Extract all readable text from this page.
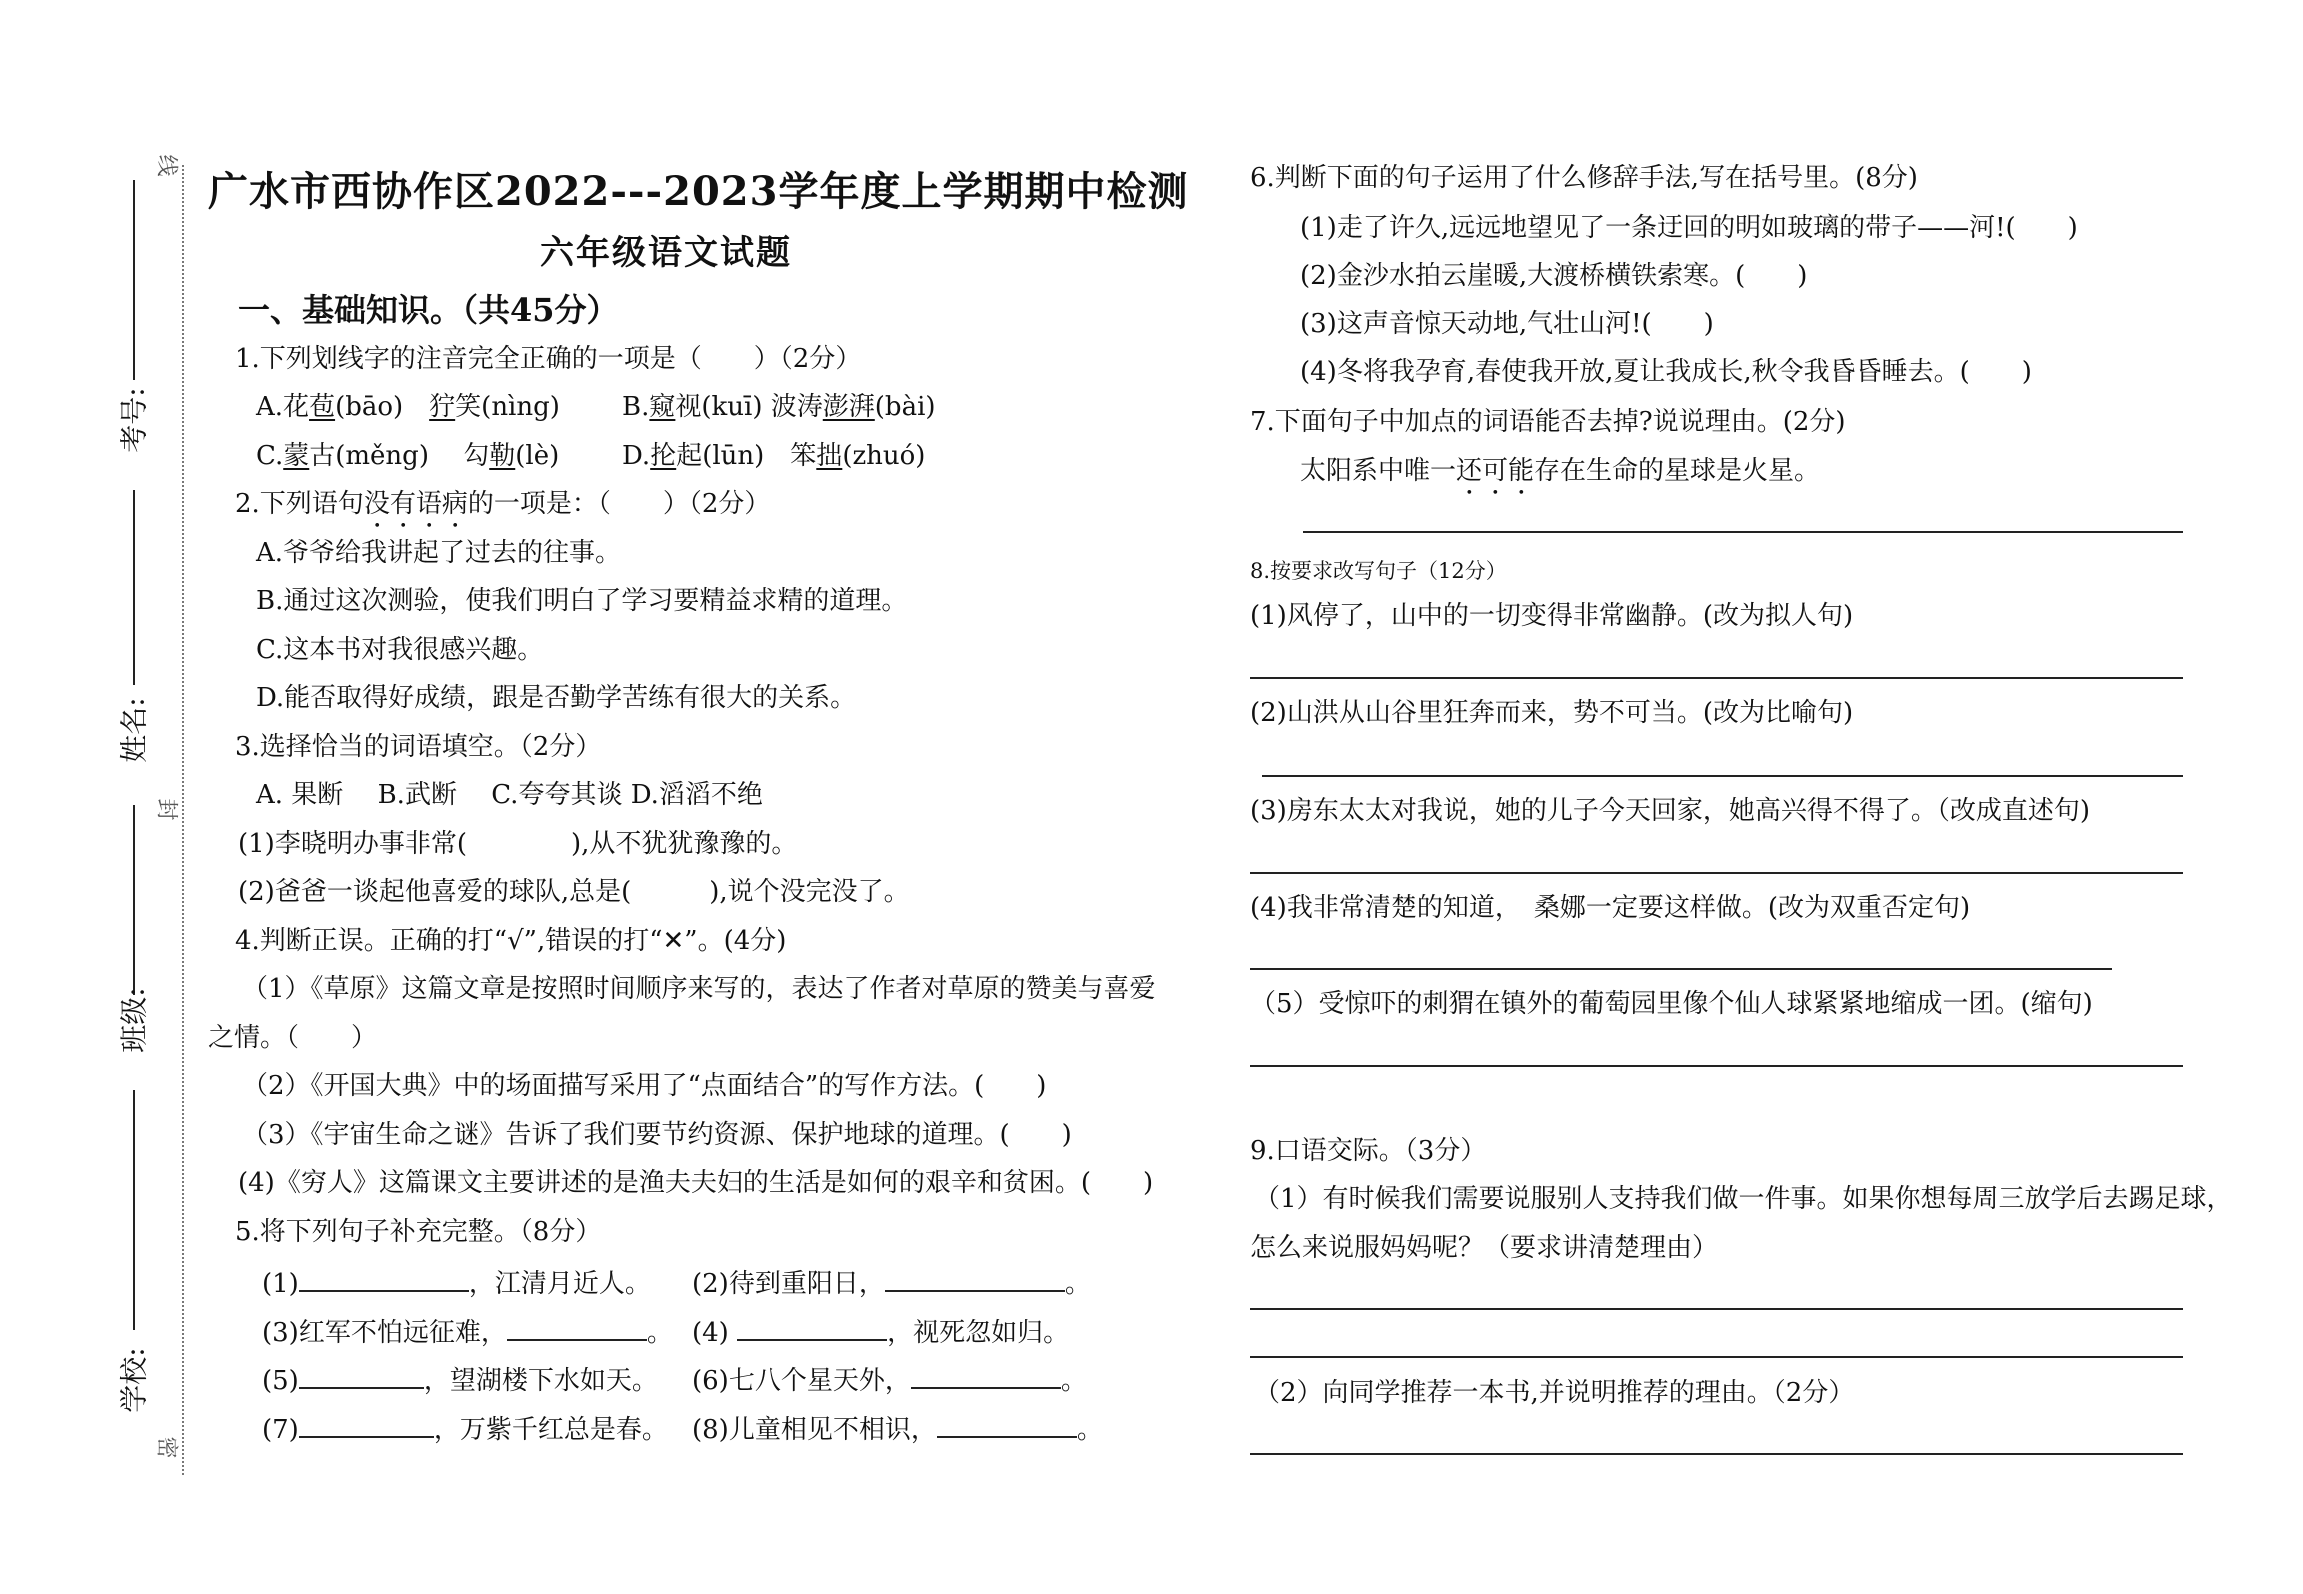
线
封
密
考号:
姓名:
班级:
学校:
广水市西协作区2022---2023学年度上学期期中检测
六年级语文试题
一、基础知识。（共45分）
1.下列划线字的注音完全正确的一项是（　　）（2分）
A.花苞(bāo)　狞笑(nìng) B.窥视(kuī) 波涛澎湃(bài)
C.蒙古(měng)　 勾勒(lè) D.抡起(lūn)　笨拙(zhuó)
2.下列语句没有语病的一项是：（　　）（2分）
A.爷爷给我讲起了过去的往事。
B.通过这次测验，使我们明白了学习要精益求精的道理。
C.这本书对我很感兴趣。
D.能否取得好成绩，跟是否勤学苦练有很大的关系。
3.选择恰当的词语填空。（2分）
A. 果断　 B.武断　 C.夸夸其谈 D.滔滔不绝
(1)李晓明办事非常(　　　　),从不犹犹豫豫的。
(2)爸爸一谈起他喜爱的球队,总是(　　　),说个没完没了。
4.判断正误。正确的打“√”,错误的打“✕”。(4分)
（1）《草原》这篇文章是按照时间顺序来写的，表达了作者对草原的赞美与喜爱
之情。（　　）
（2）《开国大典》中的场面描写采用了“点面结合”的写作方法。(　　)
（3）《宇宙生命之谜》告诉了我们要节约资源、保护地球的道理。(　　)
(4)《穷人》这篇课文主要讲述的是渔夫夫妇的生活是如何的艰辛和贫困。(　　)
5.将下列句子补充完整。（8分）
(1)	，江清月近人。 (2)待到重阳日，	。
(3)红军不怕远征难，	。 (4)	，视死忽如归。
(5)	，望湖楼下水如天。 (6)七八个星天外，	。
(7)	，万紫千红总是春。 (8)儿童相见不相识，	。
6.判断下面的句子运用了什么修辞手法,写在括号里。(8分)
(1)走了许久,远远地望见了一条迂回的明如玻璃的带子——河!(　　)
(2)金沙水拍云崖暖,大渡桥横铁索寒。(　　)
(3)这声音惊天动地,气壮山河!(　　)
(4)冬将我孕育,春使我开放,夏让我成长,秋令我昏昏睡去。(　　)
7.下面句子中加点的词语能否去掉?说说理由。(2分)
太阳系中唯一还可能存在生命的星球是火星。
8.按要求改写句子（12分）
(1)风停了，山中的一切变得非常幽静。(改为拟人句)
(2)山洪从山谷里狂奔而来，势不可当。(改为比喻句)
(3)房东太太对我说，她的儿子今天回家，她高兴得不得了。（改成直述句)
(4)我非常清楚的知道，　桑娜一定要这样做。(改为双重否定句)
（5）受惊吓的刺猬在镇外的葡萄园里像个仙人球紧紧地缩成一团。(缩句)
9.口语交际。（3分）
（1）有时候我们需要说服别人支持我们做一件事。如果你想每周三放学后去踢足球，
怎么来说服妈妈呢？（要求讲清楚理由）
（2）向同学推荐一本书,并说明推荐的理由。（2分）
